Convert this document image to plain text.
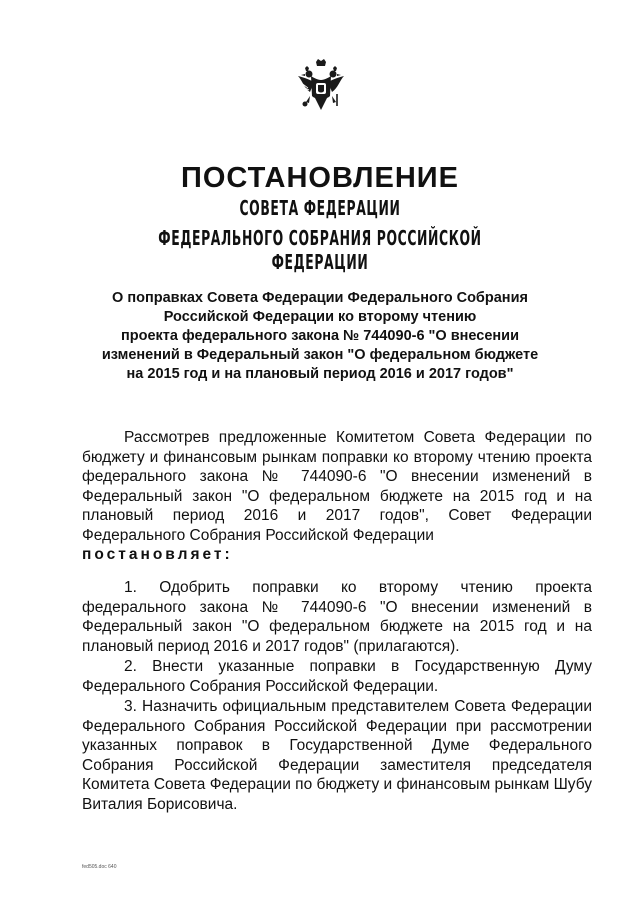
ПОСТАНОВЛЕНИЕ
СОВЕТА ФЕДЕРАЦИИ
ФЕДЕРАЛЬНОГО СОБРАНИЯ РОССИЙСКОЙ ФЕДЕРАЦИИ
О поправках Совета Федерации Федерального Собрания
Российской Федерации ко второму чтению
проекта федерального закона № 744090-6 "О внесении
изменений в Федеральный закон "О федеральном бюджете
на 2015 год и на плановый период 2016 и 2017 годов"
Рассмотрев предложенные Комитетом Совета Федерации по бюджету и финансовым рынкам поправки ко второму чтению проекта федерального закона № 744090-6 "О внесении изменений в Федеральный закон "О федеральном бюджете на 2015 год и на плановый период 2016 и 2017 годов", Совет Федерации Федерального Собрания Российской Федерации
постановляет:
1. Одобрить поправки ко второму чтению проекта федерального закона № 744090-6 "О внесении изменений в Федеральный закон "О федеральном бюджете на 2015 год и на плановый период 2016 и 2017 годов" (прилагаются).
2. Внести указанные поправки в Государственную Думу Федерального Собрания Российской Федерации.
3. Назначить официальным представителем Совета Федерации Федерального Собрания Российской Федерации при рассмотрении указанных поправок в Государственной Думе Федерального Собрания Российской Федерации заместителя председателя Комитета Совета Федерации по бюджету и финансовым рынкам Шубу Виталия Борисовича.
fed505.doc 640
